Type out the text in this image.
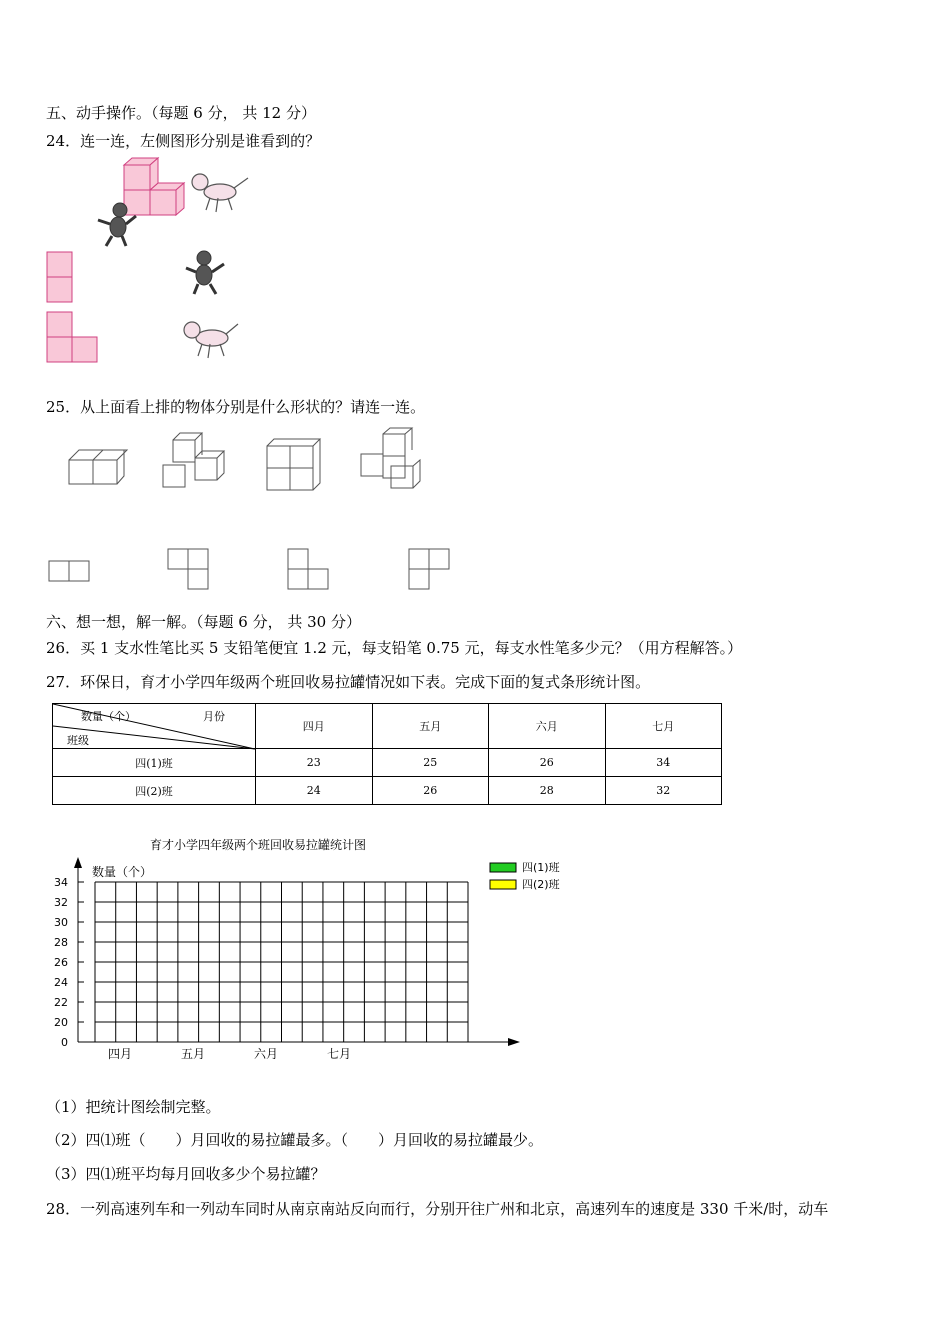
五、动手操作。（每题 6 分， 共 12 分）
24．连一连，左侧图形分别是谁看到的？
25．从上面看上排的物体分别是什么形状的？请连一连。
六、想一想，解一解。（每题 6 分， 共 30 分）
26．买 1 支水性笔比买 5 支铅笔便宜 1.2 元，每支铅笔 0.75 元，每支水性笔多少元？（用方程解答。）
27．环保日，育才小学四年级两个班回收易拉罐情况如下表。完成下面的复式条形统计图。
数量（个） 月份
班级	四月	五月	六月	七月
四(1)班	23	25	26	34
四(2)班	24	26	28	32
育才小学四年级两个班回收易拉罐统计图
数量（个）
0
20
22
24
26
28
30
32
34
四月	五月	六月	七月
四(1)班
四(2)班
（1）把统计图绘制完整。
（2）四⑴班（　　）月回收的易拉罐最多。（　　）月回收的易拉罐最少。
（3）四⑴班平均每月回收多少个易拉罐？
28．一列高速列车和一列动车同时从南京南站反向而行，分别开往广州和北京，高速列车的速度是 330 千米/时，动车
